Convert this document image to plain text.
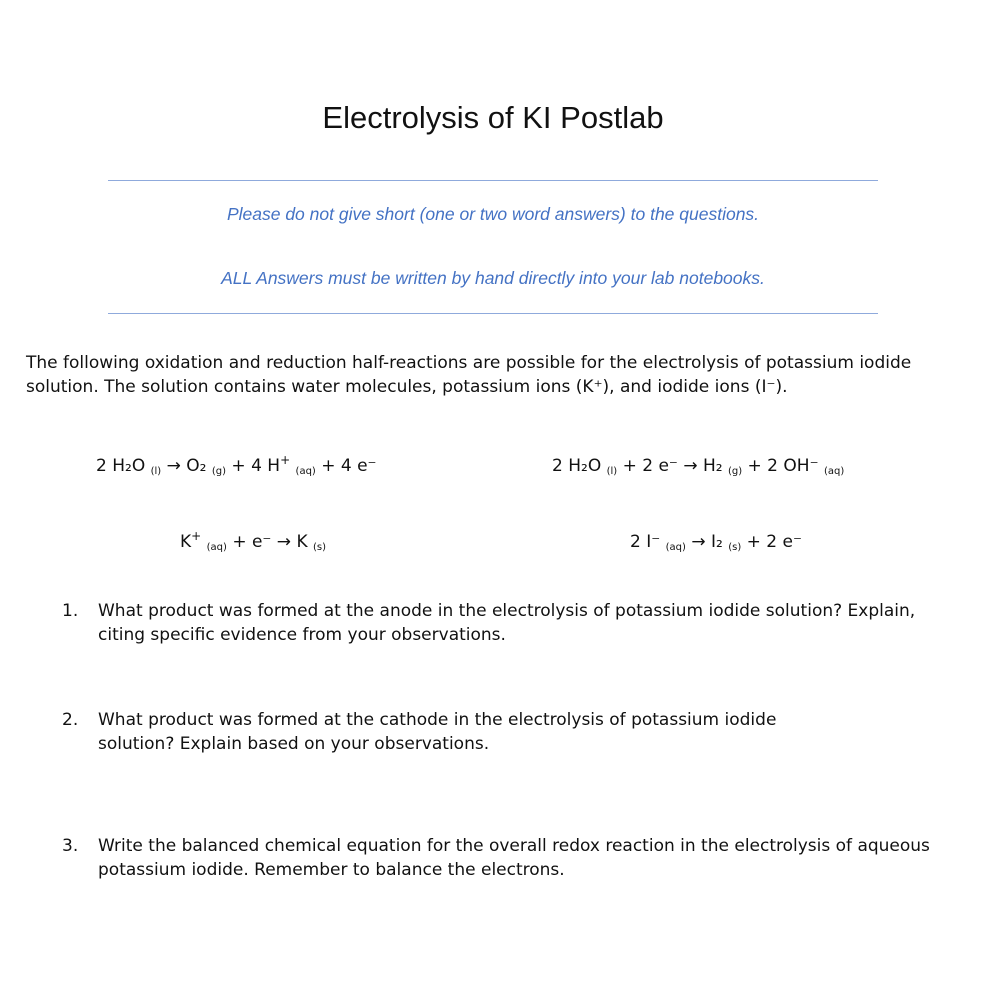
Electrolysis of KI Postlab
Please do not give short (one or two word answers) to the questions.
ALL Answers must be written by hand directly into your lab notebooks.
The following oxidation and reduction half-reactions are possible for the electrolysis of potassium iodide solution. The solution contains water molecules, potassium ions (K⁺), and iodide ions (I⁻).
2 H₂O $_{(l)}$ → O₂ $_{(g)}$ + 4 H+ $_{(aq)}$ + 4 e⁻	2 H₂O $_{(l)}$ + 2 e⁻ → H₂ $_{(g)}$ + 2 OH⁻ $_{(aq)}$
K+ $_{(aq)}$ + e⁻ → K $_{(s)}$	2 I⁻ $_{(aq)}$ → I₂ $_{(s)}$ + 2 e⁻
1. What product was formed at the anode in the electrolysis of potassium iodide solution? Explain, citing specific evidence from your observations.
2. What product was formed at the cathode in the electrolysis of potassium iodide solution? Explain based on your observations.
3. Write the balanced chemical equation for the overall redox reaction in the electrolysis of aqueous potassium iodide. Remember to balance the electrons.
